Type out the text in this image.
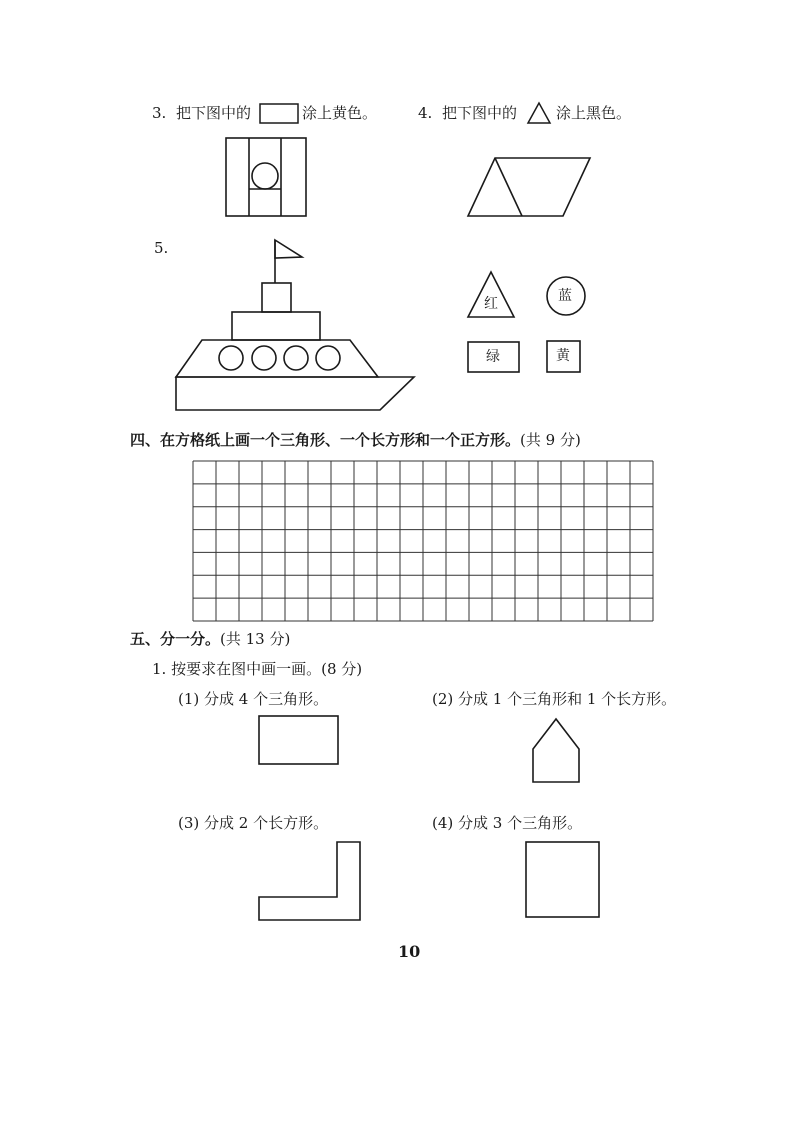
3. 把下图中的	涂上黄色。	4. 把下图中的	涂上黑色。
5.
红	蓝
绿	黄
四、在方格纸上画一个三角形、一个长方形和一个正方形。(共 9 分)
五、分一分。(共 13 分)
1. 按要求在图中画一画。(8 分)
(1) 分成 4 个三角形。	(2) 分成 1 个三角形和 1 个长方形。
(3) 分成 2 个长方形。	(4) 分成 3 个三角形。
10
